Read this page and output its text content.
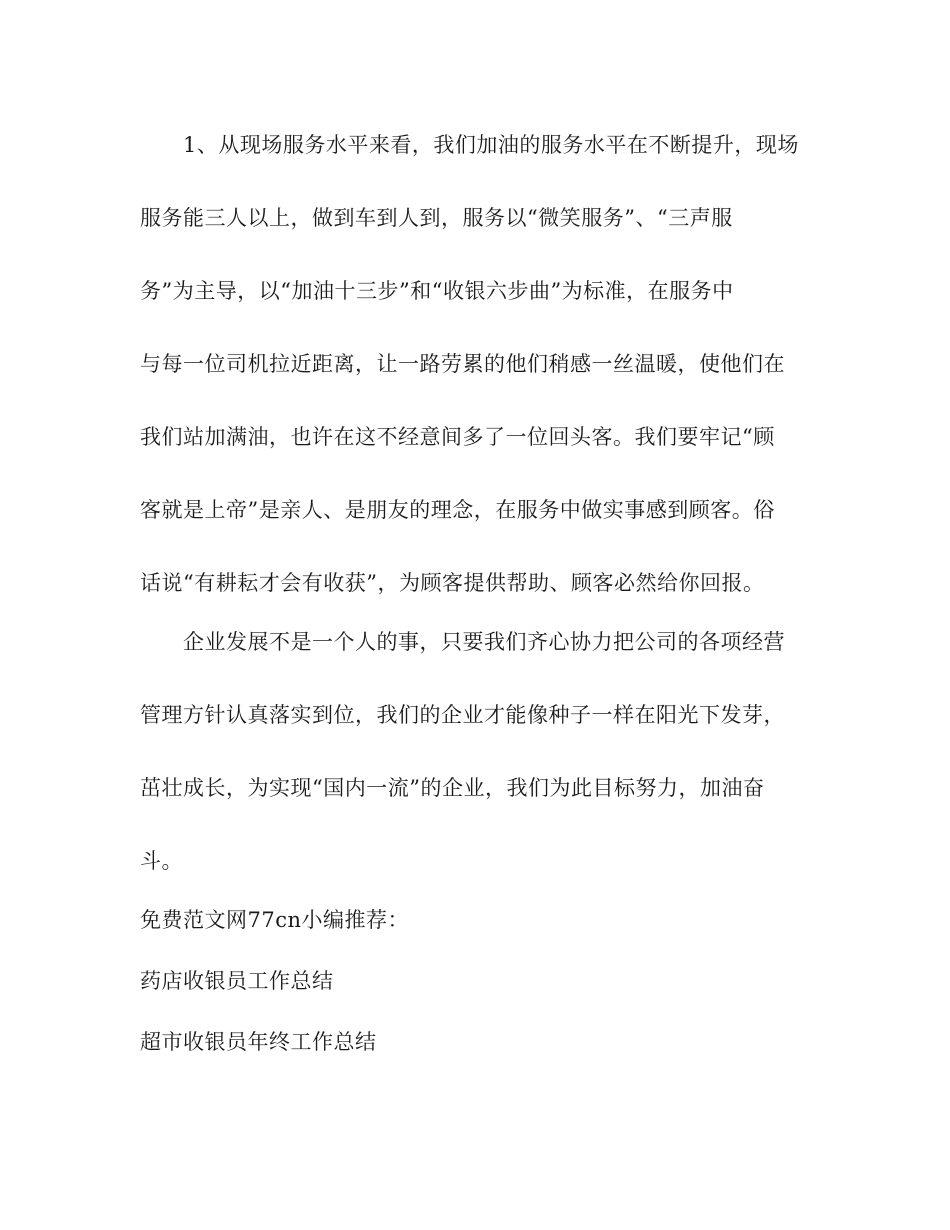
1、从现场服务水平来看，我们加油的服务水平在不断提升，现场
服务能三人以上，做到车到人到，服务以“微笑服务”、“三声服
务”为主导，以“加油十三步”和“收银六步曲”为标准，在服务中
与每一位司机拉近距离，让一路劳累的他们稍感一丝温暖，使他们在
我们站加满油，也许在这不经意间多了一位回头客。我们要牢记“顾
客就是上帝”是亲人、是朋友的理念，在服务中做实事感到顾客。俗
话说“有耕耘才会有收获”，为顾客提供帮助、顾客必然给你回报。
企业发展不是一个人的事，只要我们齐心协力把公司的各项经营
管理方针认真落实到位，我们的企业才能像种子一样在阳光下发芽，
茁壮成长，为实现“国内一流”的企业，我们为此目标努力，加油奋
斗。
免费范文网77cn小编推荐：
药店收银员工作总结
超市收银员年终工作总结
